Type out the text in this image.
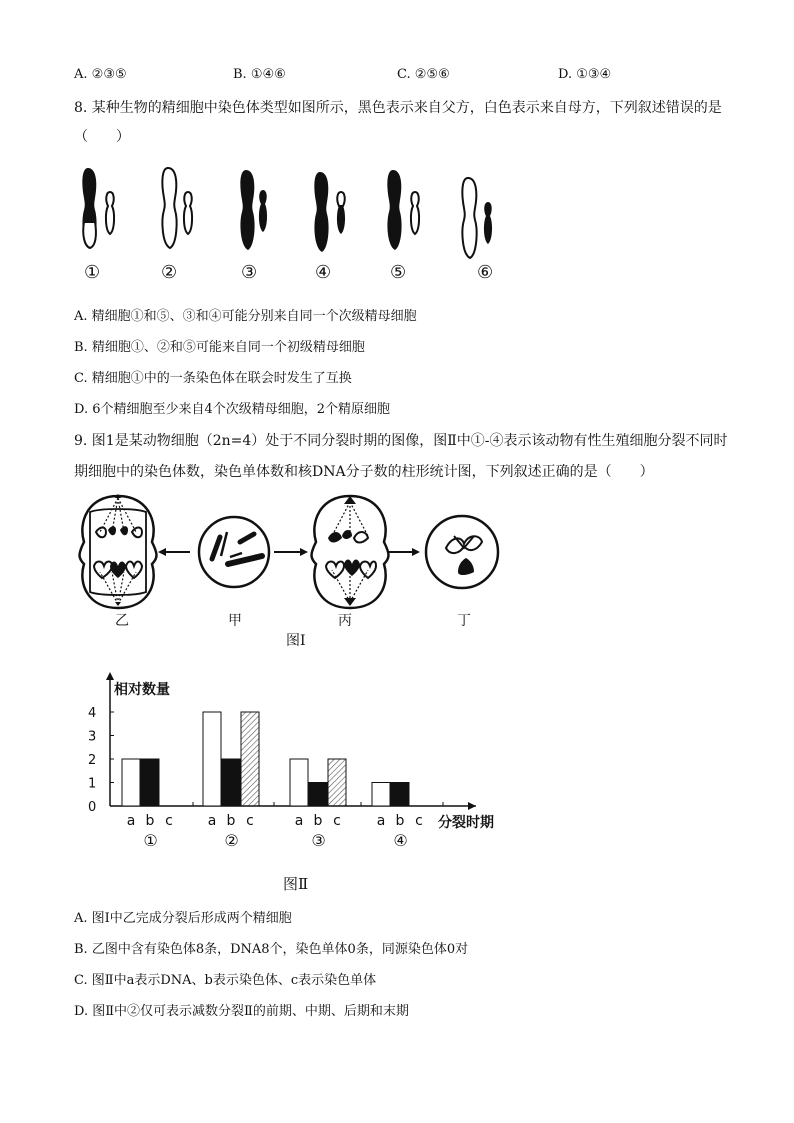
A. ②③⑤	B. ①④⑥	C. ②⑤⑥	D. ①③④
8. 某种生物的精细胞中染色体类型如图所示，黑色表示来自父方，白色表示来自母方，下列叙述错误的是
（　　）
①	②	③	④	⑤	⑥
A. 精细胞①和⑤、③和④可能分别来自同一个次级精母细胞
B. 精细胞①、②和⑤可能来自同一个初级精母细胞
C. 精细胞①中的一条染色体在联会时发生了互换
D. 6个精细胞至少来自4个次级精母细胞，2个精原细胞
9. 图1是某动物细胞（2n=4）处于不同分裂时期的图像，图Ⅱ中①-④表示该动物有性生殖细胞分裂不同时
期细胞中的染色体数，染色单体数和核DNA分子数的柱形统计图，下列叙述正确的是（　　）
乙	甲	丙	丁
图Ⅰ
相对数量
0
1
2
3
4
a b c
①
a b c
②
a b c
③
a b c
④
分裂时期
图Ⅱ
A. 图Ⅰ中乙完成分裂后形成两个精细胞
B. 乙图中含有染色体8条，DNA8个，染色单体0条，同源染色体0对
C. 图Ⅱ中a表示DNA、b表示染色体、c表示染色单体
D. 图Ⅱ中②仅可表示减数分裂Ⅱ的前期、中期、后期和末期
